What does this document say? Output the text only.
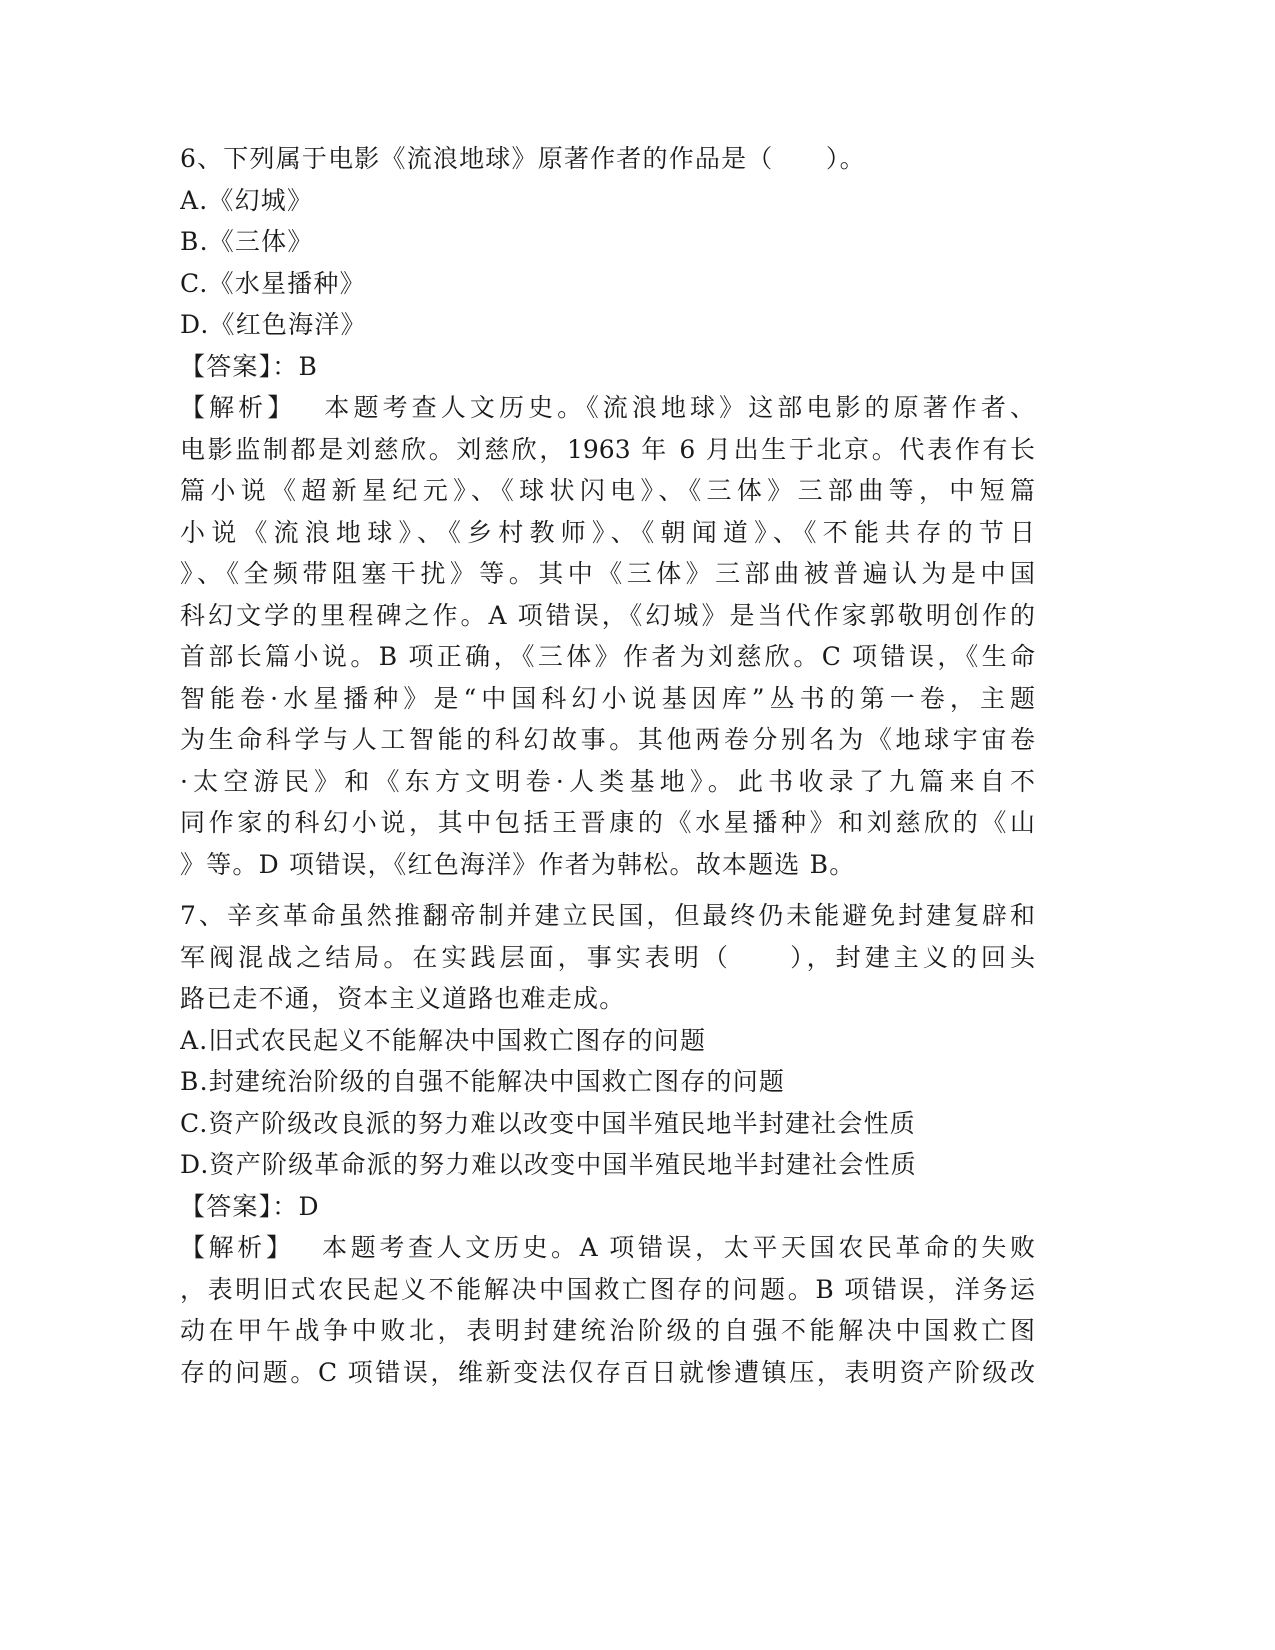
6、下列属于电影《流浪地球》原著作者的作品是（　　）。
A.《幻城》
B.《三体》
C.《水星播种》
D.《红色海洋》
【答案】：B
【解析】 本题考查人文历史。《流浪地球》这部电影的原著作者、
电影监制都是刘慈欣。刘慈欣，1963 年 6 月出生于北京。代表作有长
篇小说《超新星纪元》、《球状闪电》、《三体》三部曲等，中短篇
小说《流浪地球》、《乡村教师》、《朝闻道》、《不能共存的节日
》、《全频带阻塞干扰》等。其中《三体》三部曲被普遍认为是中国
科幻文学的里程碑之作。A 项错误，《幻城》是当代作家郭敬明创作的
首部长篇小说。B 项正确，《三体》作者为刘慈欣。C 项错误，《生命
智能卷·水星播种》是“中国科幻小说基因库”丛书的第一卷，主题
为生命科学与人工智能的科幻故事。其他两卷分别名为《地球宇宙卷
·太空游民》和《东方文明卷·人类基地》。此书收录了九篇来自不
同作家的科幻小说，其中包括王晋康的《水星播种》和刘慈欣的《山
》等。D 项错误，《红色海洋》作者为韩松。故本题选 B。
7、辛亥革命虽然推翻帝制并建立民国，但最终仍未能避免封建复辟和
军阀混战之结局。在实践层面，事实表明（　　），封建主义的回头
路已走不通，资本主义道路也难走成。
A.旧式农民起义不能解决中国救亡图存的问题
B.封建统治阶级的自强不能解决中国救亡图存的问题
C.资产阶级改良派的努力难以改变中国半殖民地半封建社会性质
D.资产阶级革命派的努力难以改变中国半殖民地半封建社会性质
【答案】：D
【解析】 本题考查人文历史。A 项错误，太平天国农民革命的失败
，表明旧式农民起义不能解决中国救亡图存的问题。B 项错误，洋务运
动在甲午战争中败北，表明封建统治阶级的自强不能解决中国救亡图
存的问题。C 项错误，维新变法仅存百日就惨遭镇压，表明资产阶级改
